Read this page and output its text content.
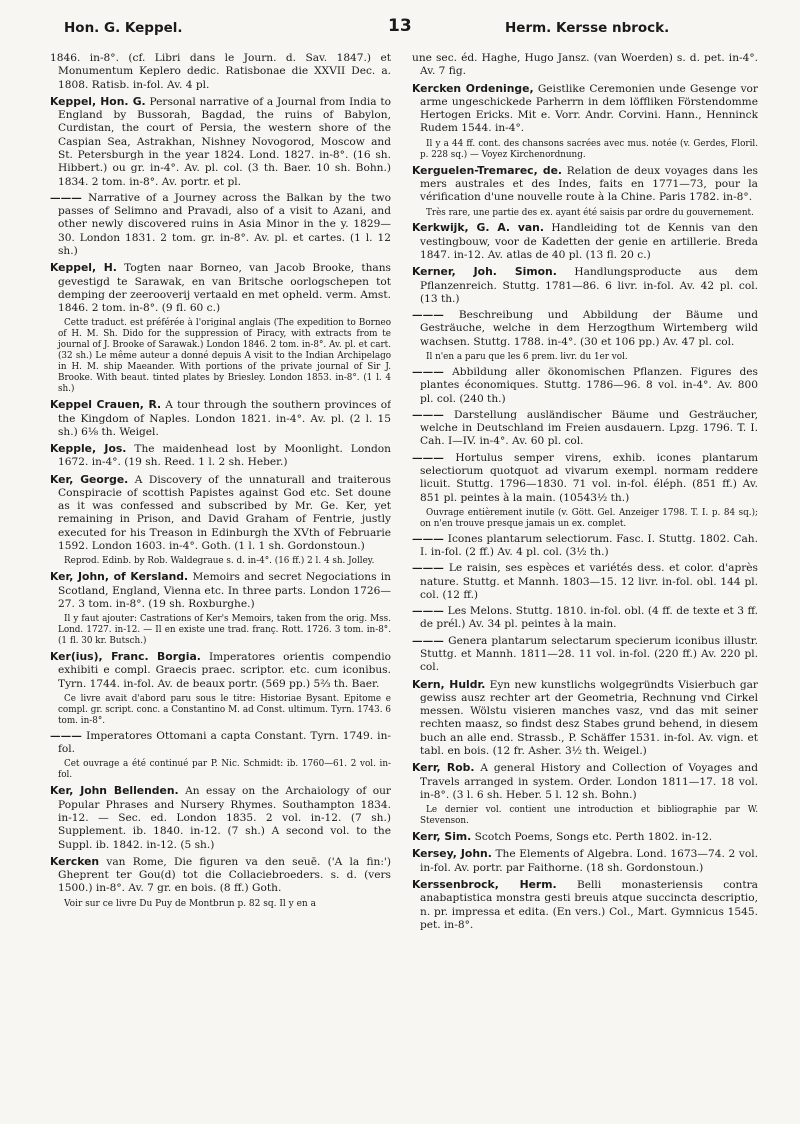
Hon. G. Keppel.	13	Herm. Kersse nbrock.
1846. in-8°. (cf. Libri dans le Journ. d. Sav. 1847.) et Monumentum Keplero dedic. Ratisbonae die XXVII Dec. a. 1808. Ratisb. in-fol. Av. 4 pl.
Keppel, Hon. G. Personal narrative of a Journal from India to England by Bussorah, Bagdad, the ruins of Babylon, Curdistan, the court of Persia, the western shore of the Caspian Sea, Astrakhan, Nishney Novogorod, Moscow and St. Petersburgh in the year 1824. Lond. 1827. in-8°. (16 sh. Hibbert.) ou gr. in-4°. Av. pl. col. (3 th. Baer. 10 sh. Bohn.) 1834. 2 tom. in-8°. Av. portr. et pl.
——— Narrative of a Journey across the Balkan by the two passes of Selimno and Pravadi, also of a visit to Azani, and other newly discovered ruins in Asia Minor in the y. 1829—30. London 1831. 2 tom. gr. in-8°. Av. pl. et cartes. (1 l. 12 sh.)
Keppel, H. Togten naar Borneo, van Jacob Brooke, thans gevestigd te Sarawak, en van Britsche oorlogschepen tot demping der zeerooverij vertaald en met opheld. verm. Amst. 1846. 2 tom. in-8°. (9 fl. 60 c.)
Cette traduct. est préférée à l'original anglais (The expedition to Borneo of H. M. Sh. Dido for the suppression of Piracy, with extracts from te journal of J. Brooke of Sarawak.) London 1846. 2 tom. in-8°. Av. pl. et cart. (32 sh.) Le même auteur a donné depuis A visit to the Indian Archipelago in H. M. ship Maeander. With portions of the private journal of Sir J. Brooke. With beaut. tinted plates by Briesley. London 1853. in-8°. (1 l. 4 sh.)
Keppel Crauen, R. A tour through the southern provinces of the Kingdom of Naples. London 1821. in-4°. Av. pl. (2 l. 15 sh.) 6⅛ th. Weigel.
Kepple, Jos. The maidenhead lost by Moonlight. London 1672. in-4°. (19 sh. Reed. 1 l. 2 sh. Heber.)
Ker, George. A Discovery of the unnaturall and traiterous Conspiracie of scottish Papistes against God etc. Set doune as it was confessed and subscribed by Mr. Ge. Ker, yet remaining in Prison, and David Graham of Fentrie, justly executed for his Treason in Edinburgh the XVth of Februarie 1592. London 1603. in-4°. Goth. (1 l. 1 sh. Gordonstoun.)
Reprod. Edinb. by Rob. Waldegraue s. d. in-4°. (16 ff.) 2 l. 4 sh. Jolley.
Ker, John, of Kersland. Memoirs and secret Negociations in Scotland, England, Vienna etc. In three parts. London 1726—27. 3 tom. in-8°. (19 sh. Roxburghe.)
Il y faut ajouter: Castrations of Ker's Memoirs, taken from the orig. Mss. Lond. 1727. in-12. — Il en existe une trad. franç. Rott. 1726. 3 tom. in-8°. (1 fl. 30 kr. Butsch.)
Ker(ius), Franc. Borgia. Imperatores orientis compendio exhibiti e compl. Graecis praec. scriptor. etc. cum iconibus. Tyrn. 1744. in-fol. Av. de beaux portr. (569 pp.) 5⅔ th. Baer.
Ce livre avait d'abord paru sous le titre: Historiae Bysant. Epitome e compl. gr. script. conc. a Constantino M. ad Const. ultimum. Tyrn. 1743. 6 tom. in-8°.
——— Imperatores Ottomani a capta Constant. Tyrn. 1749. in-fol.
Cet ouvrage a été continué par P. Nic. Schmidt: ib. 1760—61. 2 vol. in-fol.
Ker, John Bellenden. An essay on the Archaiology of our Popular Phrases and Nursery Rhymes. Southampton 1834. in-12. — Sec. ed. London 1835. 2 vol. in-12. (7 sh.) Supplement. ib. 1840. in-12. (7 sh.) A second vol. to the Suppl. ib. 1842. in-12. (5 sh.)
Kercken van Rome, Die figuren va den seuē. ('A la fin:') Gheprent ter Gou(d) tot die Collaciebroeders. s. d. (vers 1500.) in-8°. Av. 7 gr. en bois. (8 ff.) Goth.
Voir sur ce livre Du Puy de Montbrun p. 82 sq. Il y en a
une sec. éd. Haghe, Hugo Jansz. (van Woerden) s. d. pet. in-4°. Av. 7 fig.
Kercken Ordeninge, Geistlike Ceremonien unde Gesenge vor arme ungeschickede Parherrn in dem löffliken Förstendomme Hertogen Ericks. Mit e. Vorr. Andr. Corvini. Hann., Henninck Rudem 1544. in-4°.
Il y a 44 ff. cont. des chansons sacrées avec mus. notée (v. Gerdes, Floril. p. 228 sq.) — Voyez Kirchenordnung.
Kerguelen-Tremarec, de. Relation de deux voyages dans les mers australes et des Indes, faits en 1771—73, pour la vérification d'une nouvelle route à la Chine. Paris 1782. in-8°.
Très rare, une partie des ex. ayant été saisis par ordre du gouvernement.
Kerkwijk, G. A. van. Handleiding tot de Kennis van den vestingbouw, voor de Kadetten der genie en artillerie. Breda 1847. in-12. Av. atlas de 40 pl. (13 fl. 20 c.)
Kerner, Joh. Simon. Handlungsproducte aus dem Pflanzenreich. Stuttg. 1781—86. 6 livr. in-fol. Av. 42 pl. col. (13 th.)
——— Beschreibung und Abbildung der Bäume und Gesträuche, welche in dem Herzogthum Wirtemberg wild wachsen. Stuttg. 1788. in-4°. (30 et 106 pp.) Av. 47 pl. col.
Il n'en a paru que les 6 prem. livr. du 1er vol.
——— Abbildung aller ökonomischen Pflanzen. Figures des plantes économiques. Stuttg. 1786—96. 8 vol. in-4°. Av. 800 pl. col. (240 th.)
——— Darstellung ausländischer Bäume und Gesträucher, welche in Deutschland im Freien ausdauern. Lpzg. 1796. T. I. Cah. I—IV. in-4°. Av. 60 pl. col.
——— Hortulus semper virens, exhib. icones plantarum selectiorum quotquot ad vivarum exempl. normam reddere licuit. Stuttg. 1796—1830. 71 vol. in-fol. éléph. (851 ff.) Av. 851 pl. peintes à la main. (10543½ th.)
Ouvrage entièrement inutile (v. Gött. Gel. Anzeiger 1798. T. I. p. 84 sq.); on n'en trouve presque jamais un ex. complet.
——— Icones plantarum selectiorum. Fasc. I. Stuttg. 1802. Cah. I. in-fol. (2 ff.) Av. 4 pl. col. (3½ th.)
——— Le raisin, ses espèces et variétés dess. et color. d'après nature. Stuttg. et Mannh. 1803—15. 12 livr. in-fol. obl. 144 pl. col. (12 ff.)
——— Les Melons. Stuttg. 1810. in-fol. obl. (4 ff. de texte et 3 ff. de prél.) Av. 34 pl. peintes à la main.
——— Genera plantarum selectarum specierum iconibus illustr. Stuttg. et Mannh. 1811—28. 11 vol. in-fol. (220 ff.) Av. 220 pl. col.
Kern, Huldr. Eyn new kunstlichs wolgegründts Visierbuch gar gewiss ausz rechter art der Geometria, Rechnung vnd Cirkel messen. Wölstu visieren manches vasz, vnd das mit seiner rechten maasz, so findst desz Stabes grund behend, in diesem buch an alle end. Strassb., P. Schäffer 1531. in-fol. Av. vign. et tabl. en bois. (12 fr. Asher. 3½ th. Weigel.)
Kerr, Rob. A general History and Collection of Voyages and Travels arranged in system. Order. London 1811—17. 18 vol. in-8°. (3 l. 6 sh. Heber. 5 l. 12 sh. Bohn.)
Le dernier vol. contient une introduction et bibliographie par W. Stevenson.
Kerr, Sim. Scotch Poems, Songs etc. Perth 1802. in-12.
Kersey, John. The Elements of Algebra. Lond. 1673—74. 2 vol. in-fol. Av. portr. par Faithorne. (18 sh. Gordonstoun.)
Kerssenbrock, Herm. Belli monasteriensis contra anabaptistica monstra gesti breuis atque succincta descriptio, n. pr. impressa et edita. (En vers.) Col., Mart. Gymnicus 1545. pet. in-8°.
